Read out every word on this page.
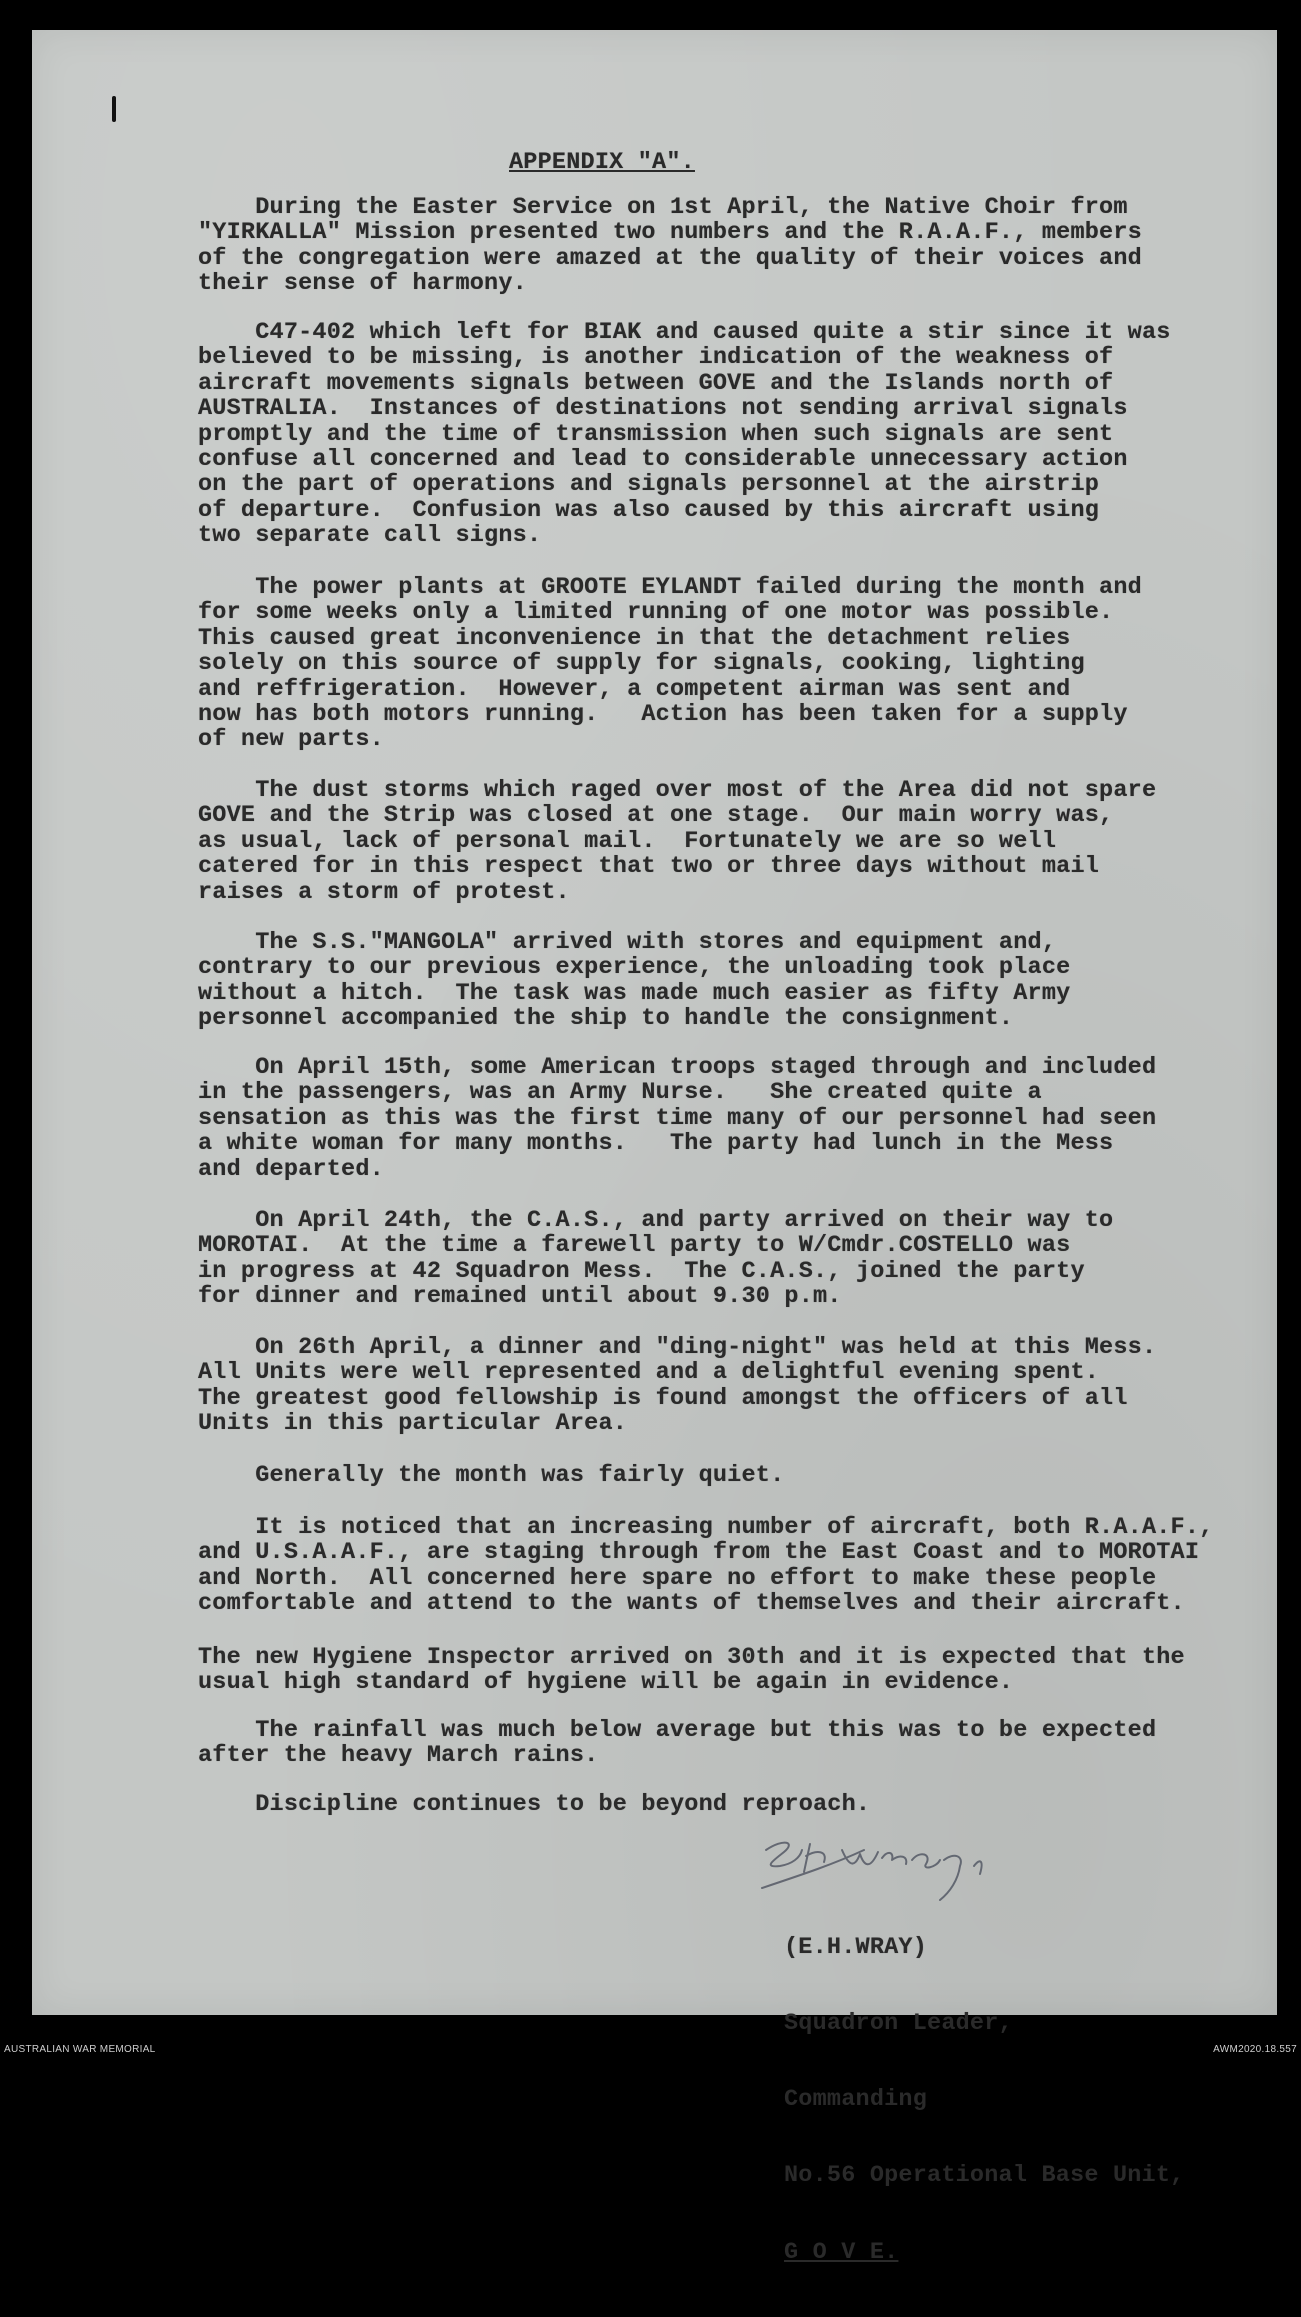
APPENDIX "A".

During the Easter Service on 1st April, the Native Choir from
"YIRKALLA" Mission presented two numbers and the R.A.A.F., members
of the congregation were amazed at the quality of their voices and
their sense of harmony.

C47-402 which left for BIAK and caused quite a stir since it was
believed to be missing, is another indication of the weakness of
aircraft movements signals between GOVE and the Islands north of
AUSTRALIA.  Instances of destinations not sending arrival signals
promptly and the time of transmission when such signals are sent
confuse all concerned and lead to considerable unnecessary action
on the part of operations and signals personnel at the airstrip
of departure.  Confusion was also caused by this aircraft using
two separate call signs.

The power plants at GROOTE EYLANDT failed during the month and
for some weeks only a limited running of one motor was possible.
This caused great inconvenience in that the detachment relies
solely on this source of supply for signals, cooking, lighting
and reffrigeration.  However, a competent airman was sent and
now has both motors running.   Action has been taken for a supply
of new parts.

The dust storms which raged over most of the Area did not spare
GOVE and the Strip was closed at one stage.  Our main worry was,
as usual, lack of personal mail.  Fortunately we are so well
catered for in this respect that two or three days without mail
raises a storm of protest.

The S.S."MANGOLA" arrived with stores and equipment and,
contrary to our previous experience, the unloading took place
without a hitch.  The task was made much easier as fifty Army
personnel accompanied the ship to handle the consignment.

On April 15th, some American troops staged through and included
in the passengers, was an Army Nurse.   She created quite a
sensation as this was the first time many of our personnel had seen
a white woman for many months.   The party had lunch in the Mess
and departed.

On April 24th, the C.A.S., and party arrived on their way to
MOROTAI.  At the time a farewell party to W/Cmdr.COSTELLO was
in progress at 42 Squadron Mess.  The C.A.S., joined the party
for dinner and remained until about 9.30 p.m.

On 26th April, a dinner and "ding-night" was held at this Mess.
All Units were well represented and a delightful evening spent.
The greatest good fellowship is found amongst the officers of all
Units in this particular Area.

Generally the month was fairly quiet.

It is noticed that an increasing number of aircraft, both R.A.A.F.,
and U.S.A.A.F., are staging through from the East Coast and to MOROTAI
and North.  All concerned here spare no effort to make these people
comfortable and attend to the wants of themselves and their aircraft.

The new Hygiene Inspector arrived on 30th and it is expected that the
usual high standard of hygiene will be again in evidence.

The rainfall was much below average but this was to be expected
after the heavy March rains.

Discipline continues to be beyond reproach.

(E.H.WRAY)

Squadron Leader,

Commanding

No.56 Operational Base Unit,

G O V E.

AUSTRALIAN WAR MEMORIAL	AWM2020.18.557
